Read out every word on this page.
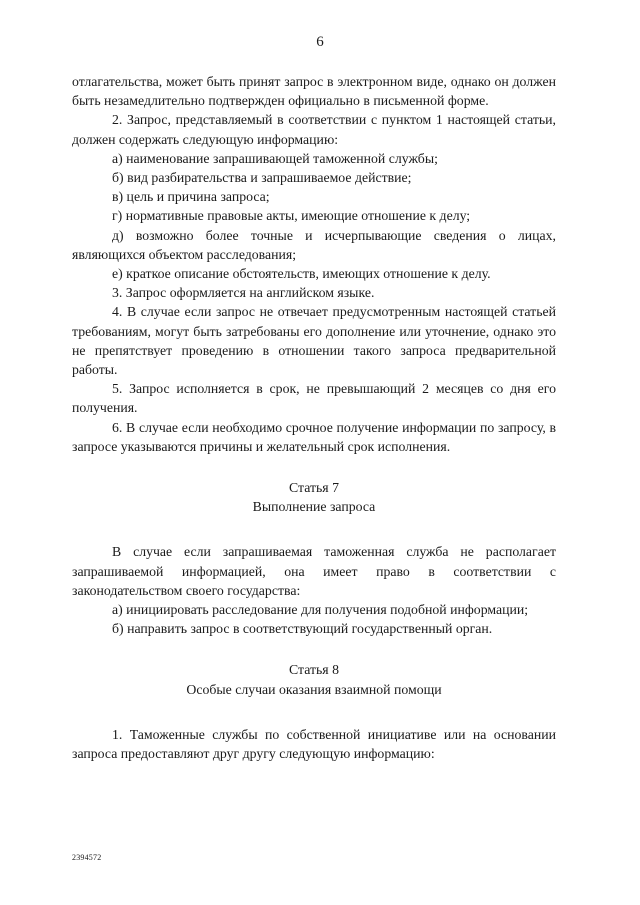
6

отлагательства, может быть принят запрос в электронном виде, однако он должен быть незамедлительно подтвержден официально в письменной форме.

2. Запрос, представляемый в соответствии с пунктом 1 настоящей статьи, должен содержать следующую информацию:

а) наименование запрашивающей таможенной службы;

б) вид разбирательства и запрашиваемое действие;

в) цель и причина запроса;

г) нормативные правовые акты, имеющие отношение к делу;

д) возможно более точные и исчерпывающие сведения о лицах, являющихся объектом расследования;

е) краткое описание обстоятельств, имеющих отношение к делу.

3. Запрос оформляется на английском языке.

4. В случае если запрос не отвечает предусмотренным настоящей статьей требованиям, могут быть затребованы его дополнение или уточнение, однако это не препятствует проведению в отношении такого запроса предварительной работы.

5. Запрос исполняется в срок, не превышающий 2 месяцев со дня его получения.

6. В случае если необходимо срочное получение информации по запросу, в запросе указываются причины и желательный срок исполнения.

Статья 7

Выполнение запроса

В случае если запрашиваемая таможенная служба не располагает запрашиваемой информацией, она имеет право в соответствии с законодательством своего государства:

а) инициировать расследование для получения подобной информации;

б) направить запрос в соответствующий государственный орган.

Статья 8

Особые случаи оказания взаимной помощи

1. Таможенные службы по собственной инициативе или на основании запроса предоставляют друг другу следующую информацию:

2394572
